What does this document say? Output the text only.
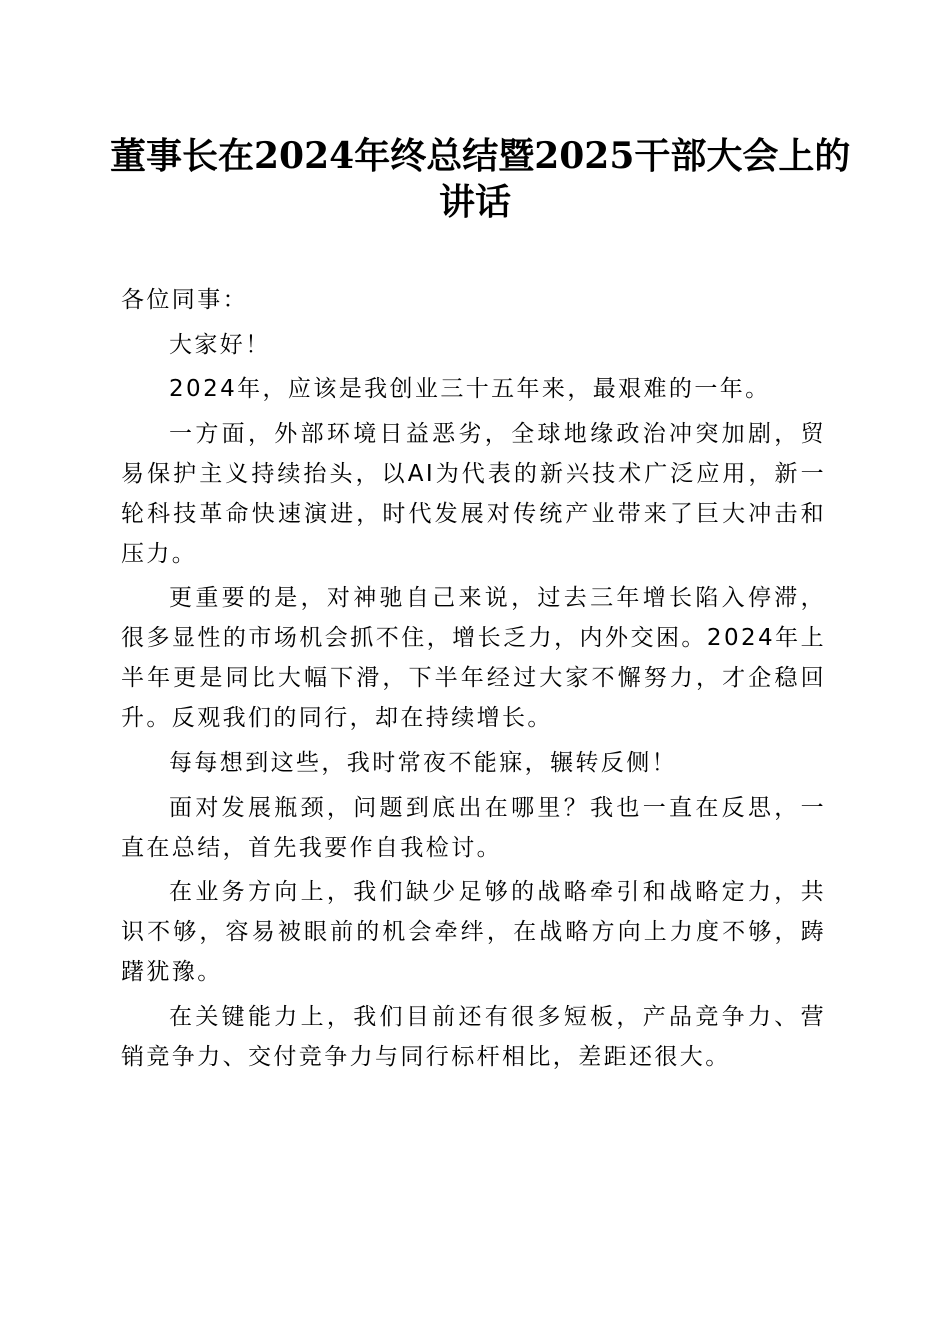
董事长在2024年终总结暨2025干部大会上的
讲话

各位同事：

大家好！

2024年，应该是我创业三十五年来，最艰难的一年。

一方面，外部环境日益恶劣，全球地缘政治冲突加剧，贸易保护主义持续抬头，以AI为代表的新兴技术广泛应用，新一轮科技革命快速演进，时代发展对传统产业带来了巨大冲击和压力。

更重要的是，对神驰自己来说，过去三年增长陷入停滞，很多显性的市场机会抓不住，增长乏力，内外交困。2024年上半年更是同比大幅下滑，下半年经过大家不懈努力，才企稳回升。反观我们的同行，却在持续增长。

每每想到这些，我时常夜不能寐，辗转反侧！

面对发展瓶颈，问题到底出在哪里？我也一直在反思，一直在总结，首先我要作自我检讨。

在业务方向上，我们缺少足够的战略牵引和战略定力，共识不够，容易被眼前的机会牵绊，在战略方向上力度不够，踌躇犹豫。

在关键能力上，我们目前还有很多短板，产品竞争力、营销竞争力、交付竞争力与同行标杆相比，差距还很大。
